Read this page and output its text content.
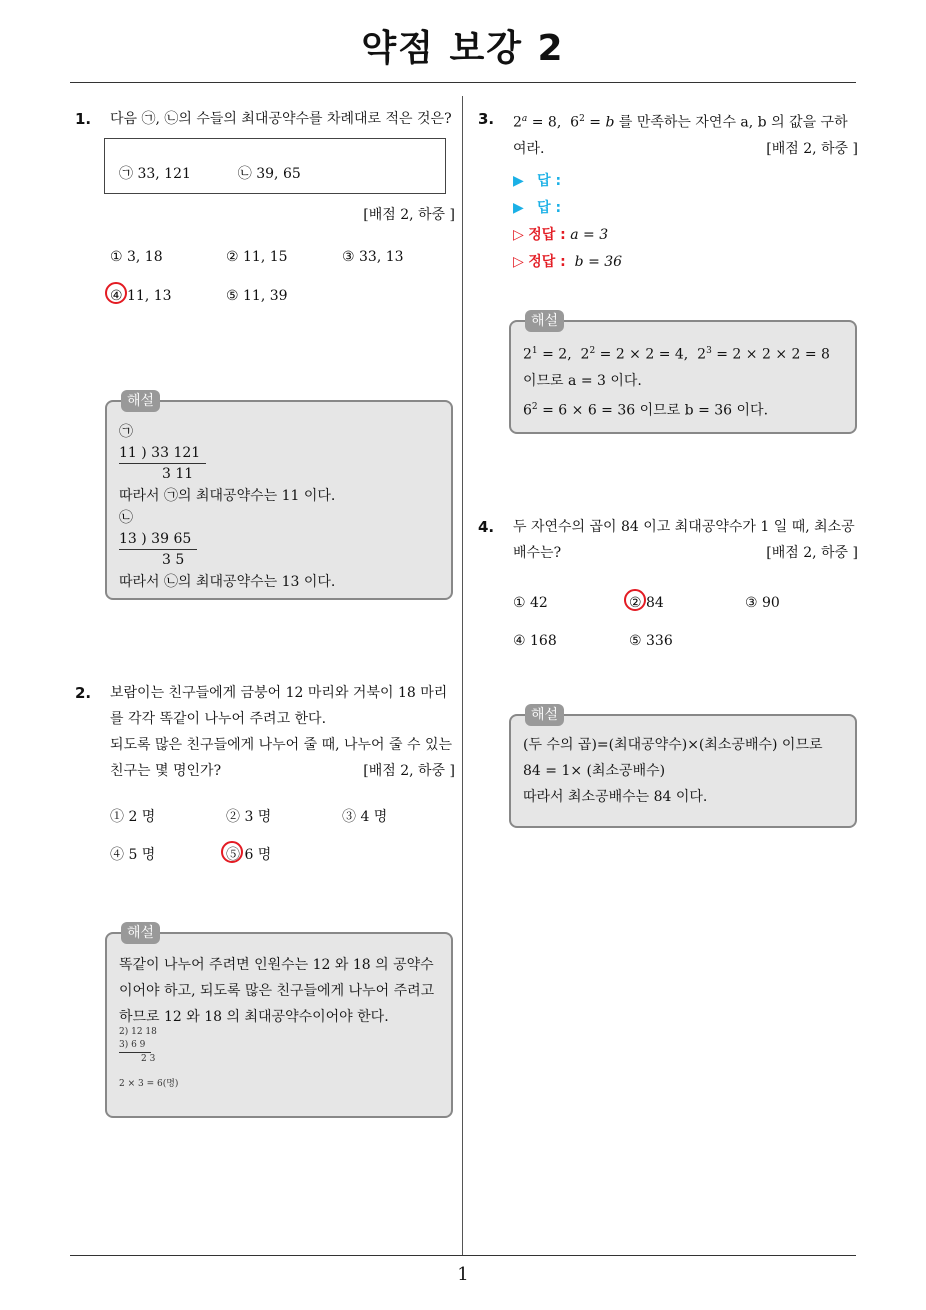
약점 보강 2
1. 다음 ㉠, ㉡의 수들의 최대공약수를 차례대로 적은 것은?
㉠ 33, 121	㉡ 39, 65
[배점 2, 하중 ]
① 3, 18	② 11, 15	③ 33, 13
④ 11, 13	⑤ 11, 39
해설
㉠
11 ) 33 121
3 11
따라서 ㉠의 최대공약수는 11 이다.
㉡
13 ) 39 65
3 5
따라서 ㉡의 최대공약수는 13 이다.
2. 보람이는 친구들에게 금붕어 12 마리와 거북이 18 마리를 각각 똑같이 나누어 주려고 한다.
되도록 많은 친구들에게 나누어 줄 때, 나누어 줄 수 있는 친구는 몇 명인가?	[배점 2, 하중 ]
① 2 명	② 3 명	③ 4 명
④ 5 명	⑤ 6 명
해설
똑같이 나누어 주려면 인원수는 12 와 18 의 공약수이어야 하고, 되도록 많은 친구들에게 나누어 주려고 하므로 12 와 18 의 최대공약수이어야 한다.
2) 12 18
3) 6 9
2 3
2 × 3 = 6(명)
3. $2^a = 8$,  $6^2 = b$ 를 만족하는 자연수 a, b 의 값을 구하여라.	[배점 2, 하중 ]
▶ 답 :
▶ 답 :
▷ 정답 : a = 3
▷ 정답 : b = 36
해설
$2^1 = 2$,  $2^2 = 2 \times 2 = 4$,  $2^3 = 2 \times 2 \times 2 = 8$
이므로 a = 3 이다.
$6^2 = 6 \times 6 = 36$ 이므로 b = 36 이다.
4. 두 자연수의 곱이 84 이고 최대공약수가 1 일 때, 최소공배수는?	[배점 2, 하중 ]
① 42	② 84	③ 90
④ 168	⑤ 336
해설
(두 수의 곱)=(최대공약수)×(최소공배수) 이므로
84 = 1× (최소공배수)
따라서 최소공배수는 84 이다.
1
